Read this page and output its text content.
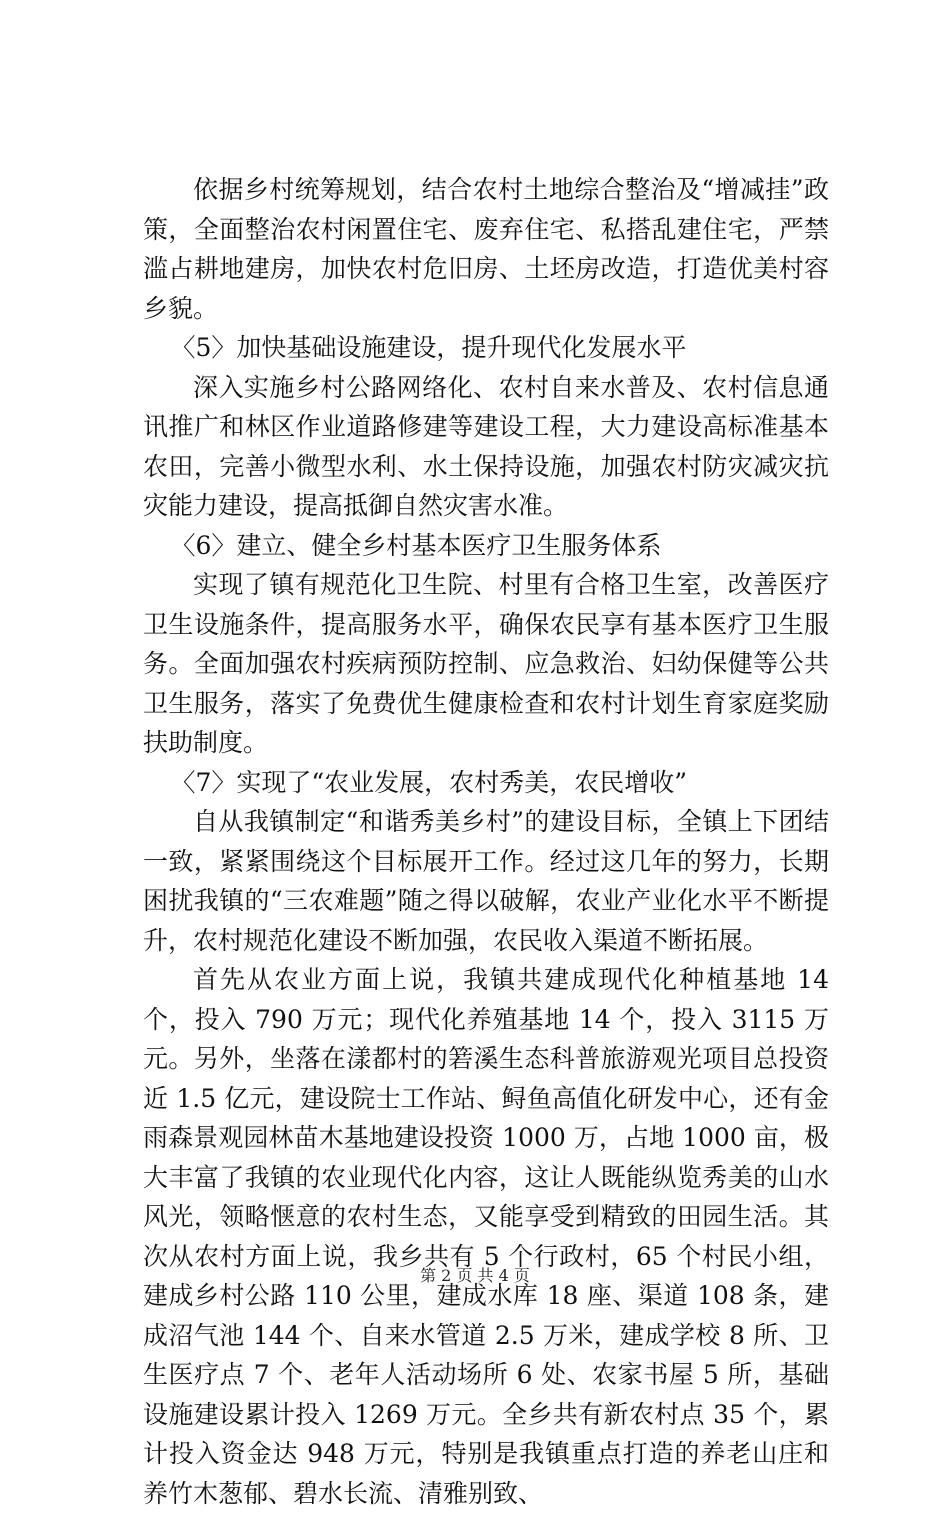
依据乡村统筹规划，结合农村土地综合整治及“增减挂”政策，全面整治农村闲置住宅、废弃住宅、私搭乱建住宅，严禁滥占耕地建房，加快农村危旧房、土坯房改造，打造优美村容乡貌。

〈5〉加快基础设施建设，提升现代化发展水平

深入实施乡村公路网络化、农村自来水普及、农村信息通讯推广和林区作业道路修建等建设工程，大力建设高标准基本农田，完善小微型水利、水土保持设施，加强农村防灾减灾抗灾能力建设，提高抵御自然灾害水准。

〈6〉建立、健全乡村基本医疗卫生服务体系

实现了镇有规范化卫生院、村里有合格卫生室，改善医疗卫生设施条件，提高服务水平，确保农民享有基本医疗卫生服务。全面加强农村疾病预防控制、应急救治、妇幼保健等公共卫生服务，落实了免费优生健康检查和农村计划生育家庭奖励扶助制度。

〈7〉实现了“农业发展，农村秀美，农民增收”

自从我镇制定“和谐秀美乡村”的建设目标，全镇上下团结一致，紧紧围绕这个目标展开工作。经过这几年的努力，长期困扰我镇的“三农难题”随之得以破解，农业产业化水平不断提升，农村规范化建设不断加强，农民收入渠道不断拓展。

首先从农业方面上说，我镇共建成现代化种植基地 14 个，投入 790 万元；现代化养殖基地 14 个，投入 3115 万元。另外，坐落在漾都村的箬溪生态科普旅游观光项目总投资近 1.5 亿元，建设院士工作站、鲟鱼高值化研发中心，还有金雨森景观园林苗木基地建设投资 1000 万，占地 1000 亩，极大丰富了我镇的农业现代化内容，这让人既能纵览秀美的山水风光，领略惬意的农村生态，又能享受到精致的田园生活。其次从农村方面上说，我乡共有 5 个行政村，65 个村民小组，建成乡村公路 110 公里，建成水库 18 座、渠道 108 条，建成沼气池 144 个、自来水管道 2.5 万米，建成学校 8 所、卫生医疗点 7 个、老年人活动场所 6 处、农家书屋 5 所，基础设施建设累计投入 1269 万元。全乡共有新农村点 35 个，累计投入资金达 948 万元，特别是我镇重点打造的养老山庄和养竹木葱郁、碧水长流、清雅别致、

第 2 页 共 4 页
